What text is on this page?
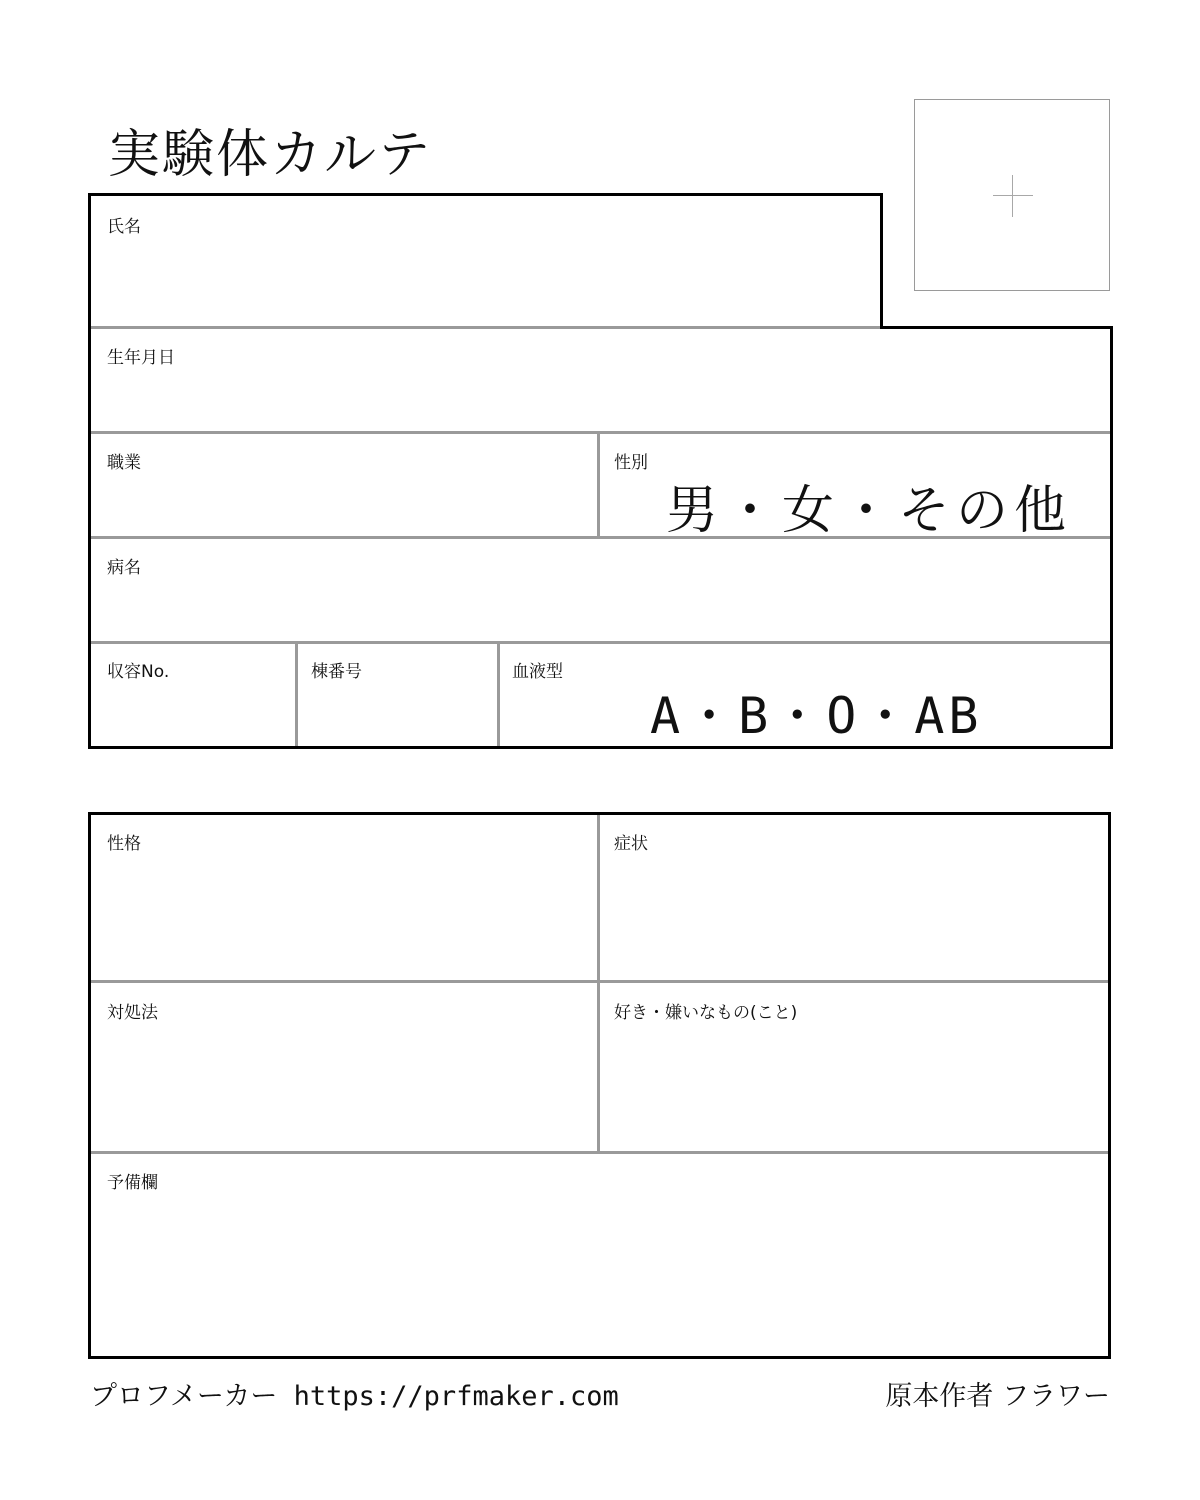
実験体カルテ
氏名
生年月日
職業	性別
男・女・その他
病名
収容No.	棟番号	血液型
A・B・O・AB
性格	症状
対処法	好き・嫌いなもの(こと)
予備欄
プロフメーカー https://prfmaker.com	原本作者 フラワー
